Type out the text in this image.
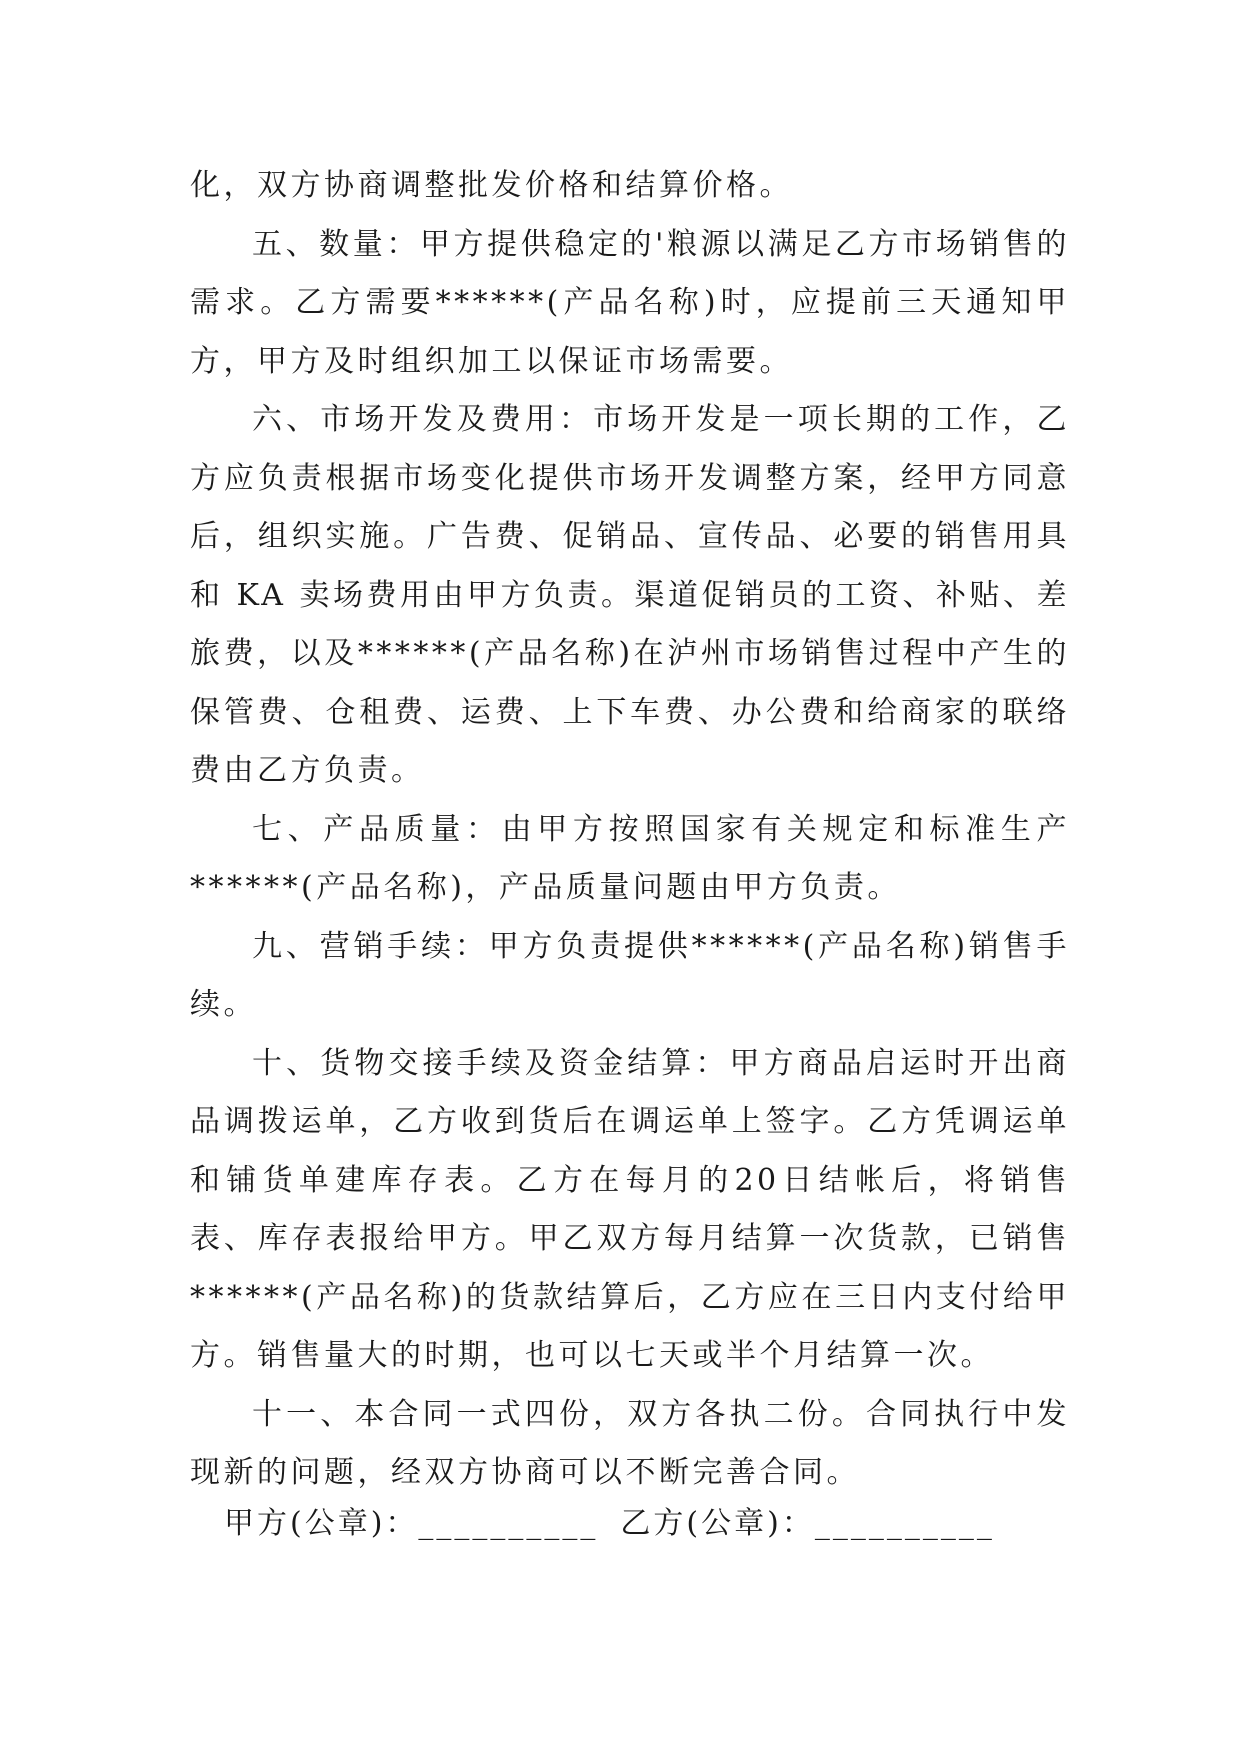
化，双方协商调整批发价格和结算价格。

五、数量：甲方提供稳定的'粮源以满足乙方市场销售的需求。乙方需要******(产品名称)时，应提前三天通知甲方，甲方及时组织加工以保证市场需要。

六、市场开发及费用：市场开发是一项长期的工作，乙方应负责根据市场变化提供市场开发调整方案，经甲方同意后，组织实施。广告费、促销品、宣传品、必要的销售用具和 KA 卖场费用由甲方负责。渠道促销员的工资、补贴、差旅费，以及******(产品名称)在泸州市场销售过程中产生的保管费、仓租费、运费、上下车费、办公费和给商家的联络费由乙方负责。

七、产品质量：由甲方按照国家有关规定和标准生产******(产品名称)，产品质量问题由甲方负责。

九、营销手续：甲方负责提供******(产品名称)销售手续。

十、货物交接手续及资金结算：甲方商品启运时开出商品调拨运单，乙方收到货后在调运单上签字。乙方凭调运单和铺货单建库存表。乙方在每月的20日结帐后，将销售表、库存表报给甲方。甲乙双方每月结算一次货款，已销售******(产品名称)的货款结算后，乙方应在三日内支付给甲方。销售量大的时期，也可以七天或半个月结算一次。

十一、本合同一式四份，双方各执二份。合同执行中发现新的问题，经双方协商可以不断完善合同。

甲方(公章)：__________ 乙方(公章)：__________
